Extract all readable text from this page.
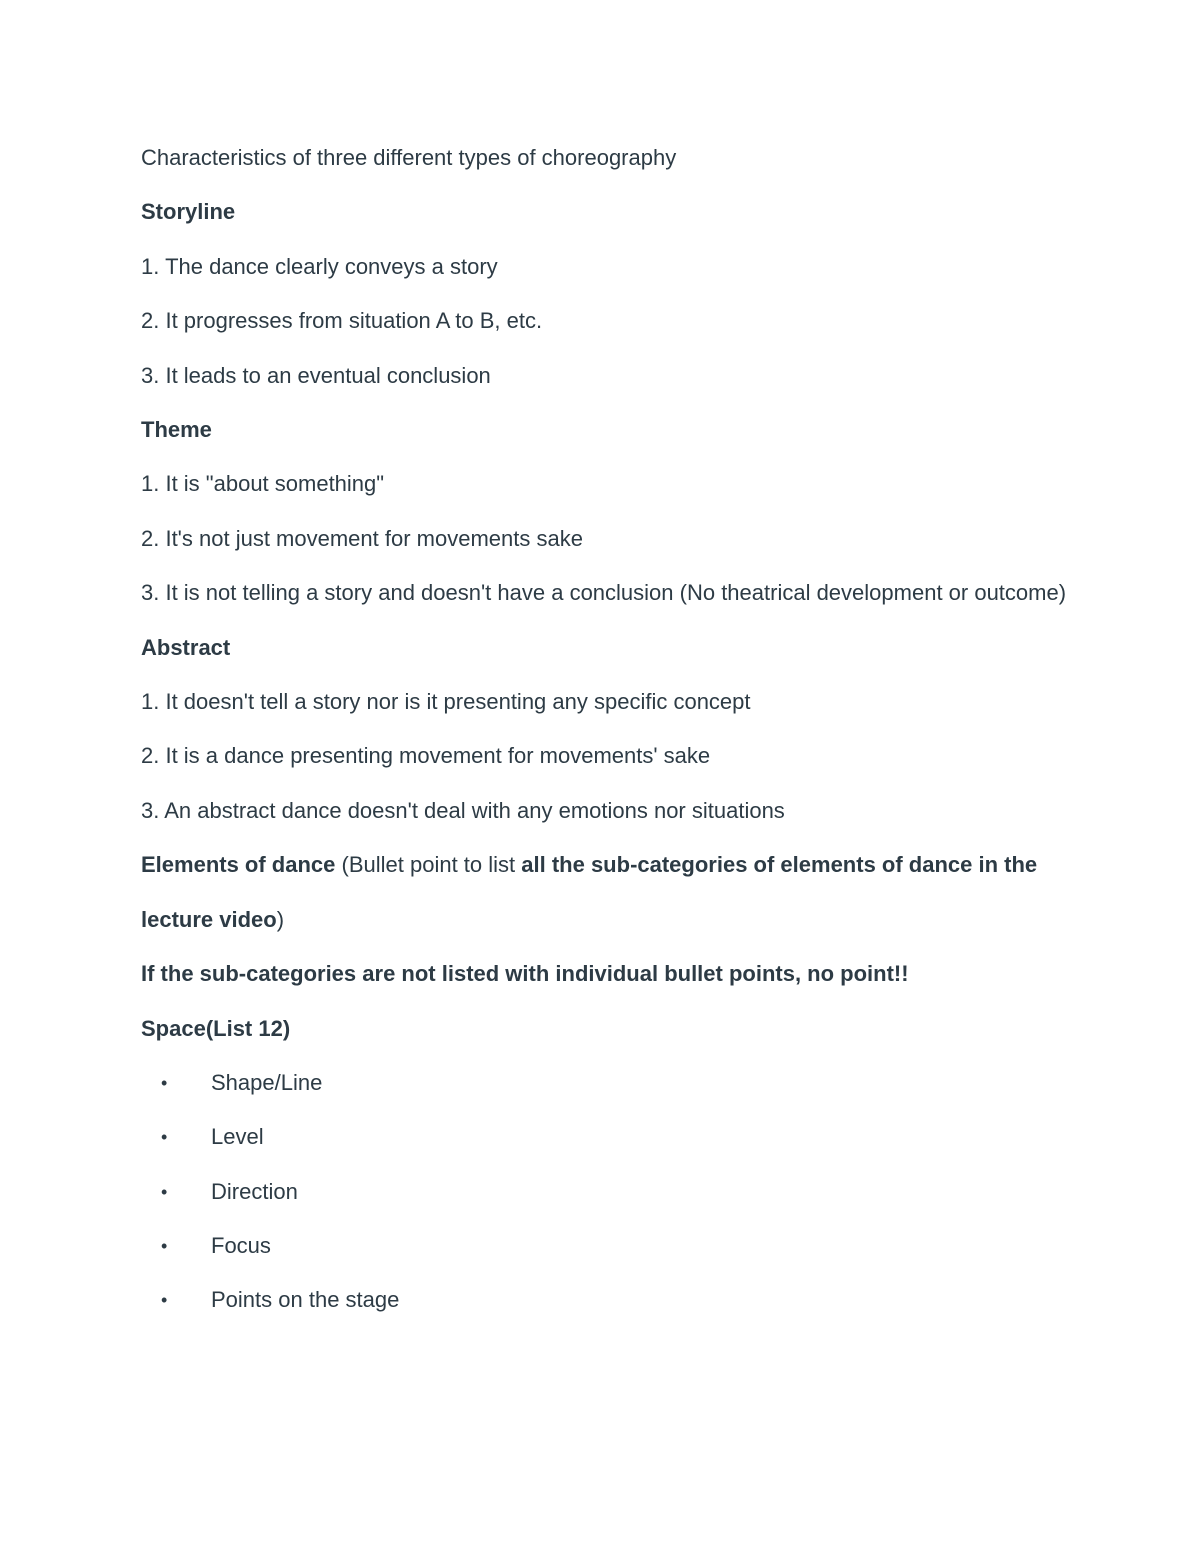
Characteristics of three different types of choreography

Storyline

1. The dance clearly conveys a story

2. It progresses from situation A to B, etc.

3. It leads to an eventual conclusion

Theme

1. It is "about something"

2. It's not just movement for movements sake

3. It is not telling a story and doesn't have a conclusion (No theatrical development or outcome)

Abstract

1. It doesn't tell a story nor is it presenting any specific concept

2. It is a dance presenting movement for movements' sake

3. An abstract dance doesn't deal with any emotions nor situations

Elements of dance (Bullet point to list all the sub-categories of elements of dance in the lecture video)

If the sub-categories are not listed with individual bullet points, no point!!

Space(List 12)

• Shape/Line
• Level
• Direction
• Focus
• Points on the stage
